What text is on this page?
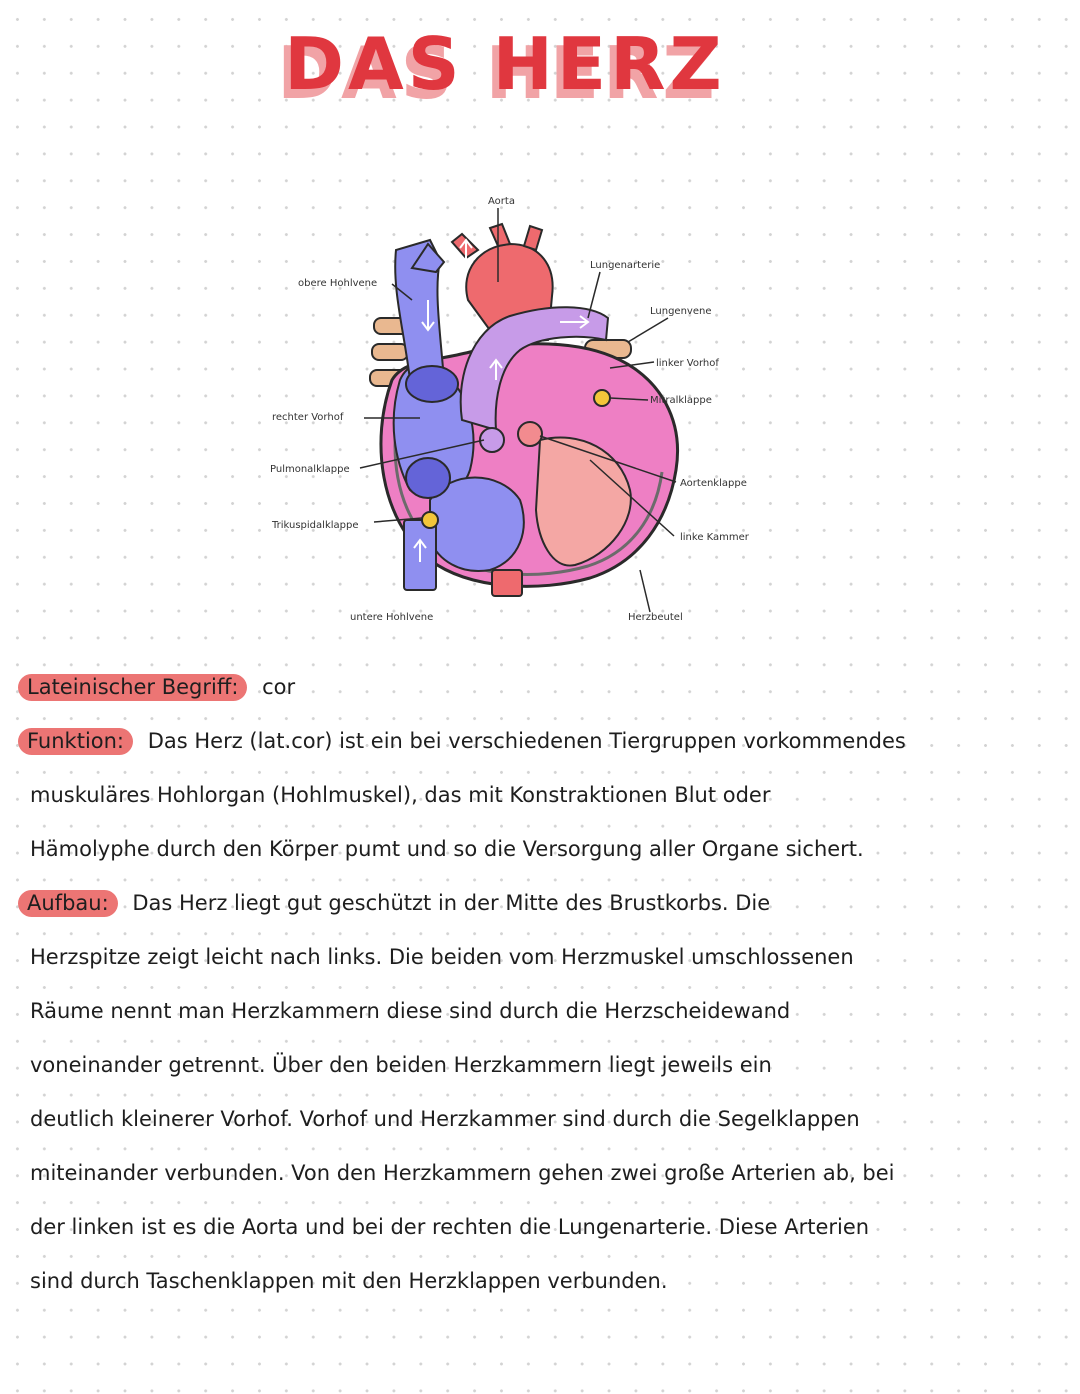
DAS HERZ
Aorta
Lungenarterie
obere Hohlvene
Lungenvene
linker Vorhof
Mitralklappe
rechter Vorhof
Pulmonalklappe
Aortenklappe
Trikuspidalklappe
linke Kammer
untere Hohlvene	Herzbeutel
Lateinischer Begriff: cor
Funktion: Das Herz (lat.cor) ist ein bei verschiedenen Tiergruppen vorkommendes
muskuläres Hohlorgan (Hohlmuskel), das mit Konstraktionen Blut oder
Hämolyphe durch den Körper pumt und so die Versorgung aller Organe sichert.
Aufbau: Das Herz liegt gut geschützt in der Mitte des Brustkorbs. Die
Herzspitze zeigt leicht nach links. Die beiden vom Herzmuskel umschlossenen
Räume nennt man Herzkammern diese sind durch die Herzscheidewand
voneinander getrennt. Über den beiden Herzkammern liegt jeweils ein
deutlich kleinerer Vorhof. Vorhof und Herzkammer sind durch die Segelklappen
miteinander verbunden. Von den Herzkammern gehen zwei große Arterien ab, bei
der linken ist es die Aorta und bei der rechten die Lungenarterie. Diese Arterien
sind durch Taschenklappen mit den Herzklappen verbunden.
